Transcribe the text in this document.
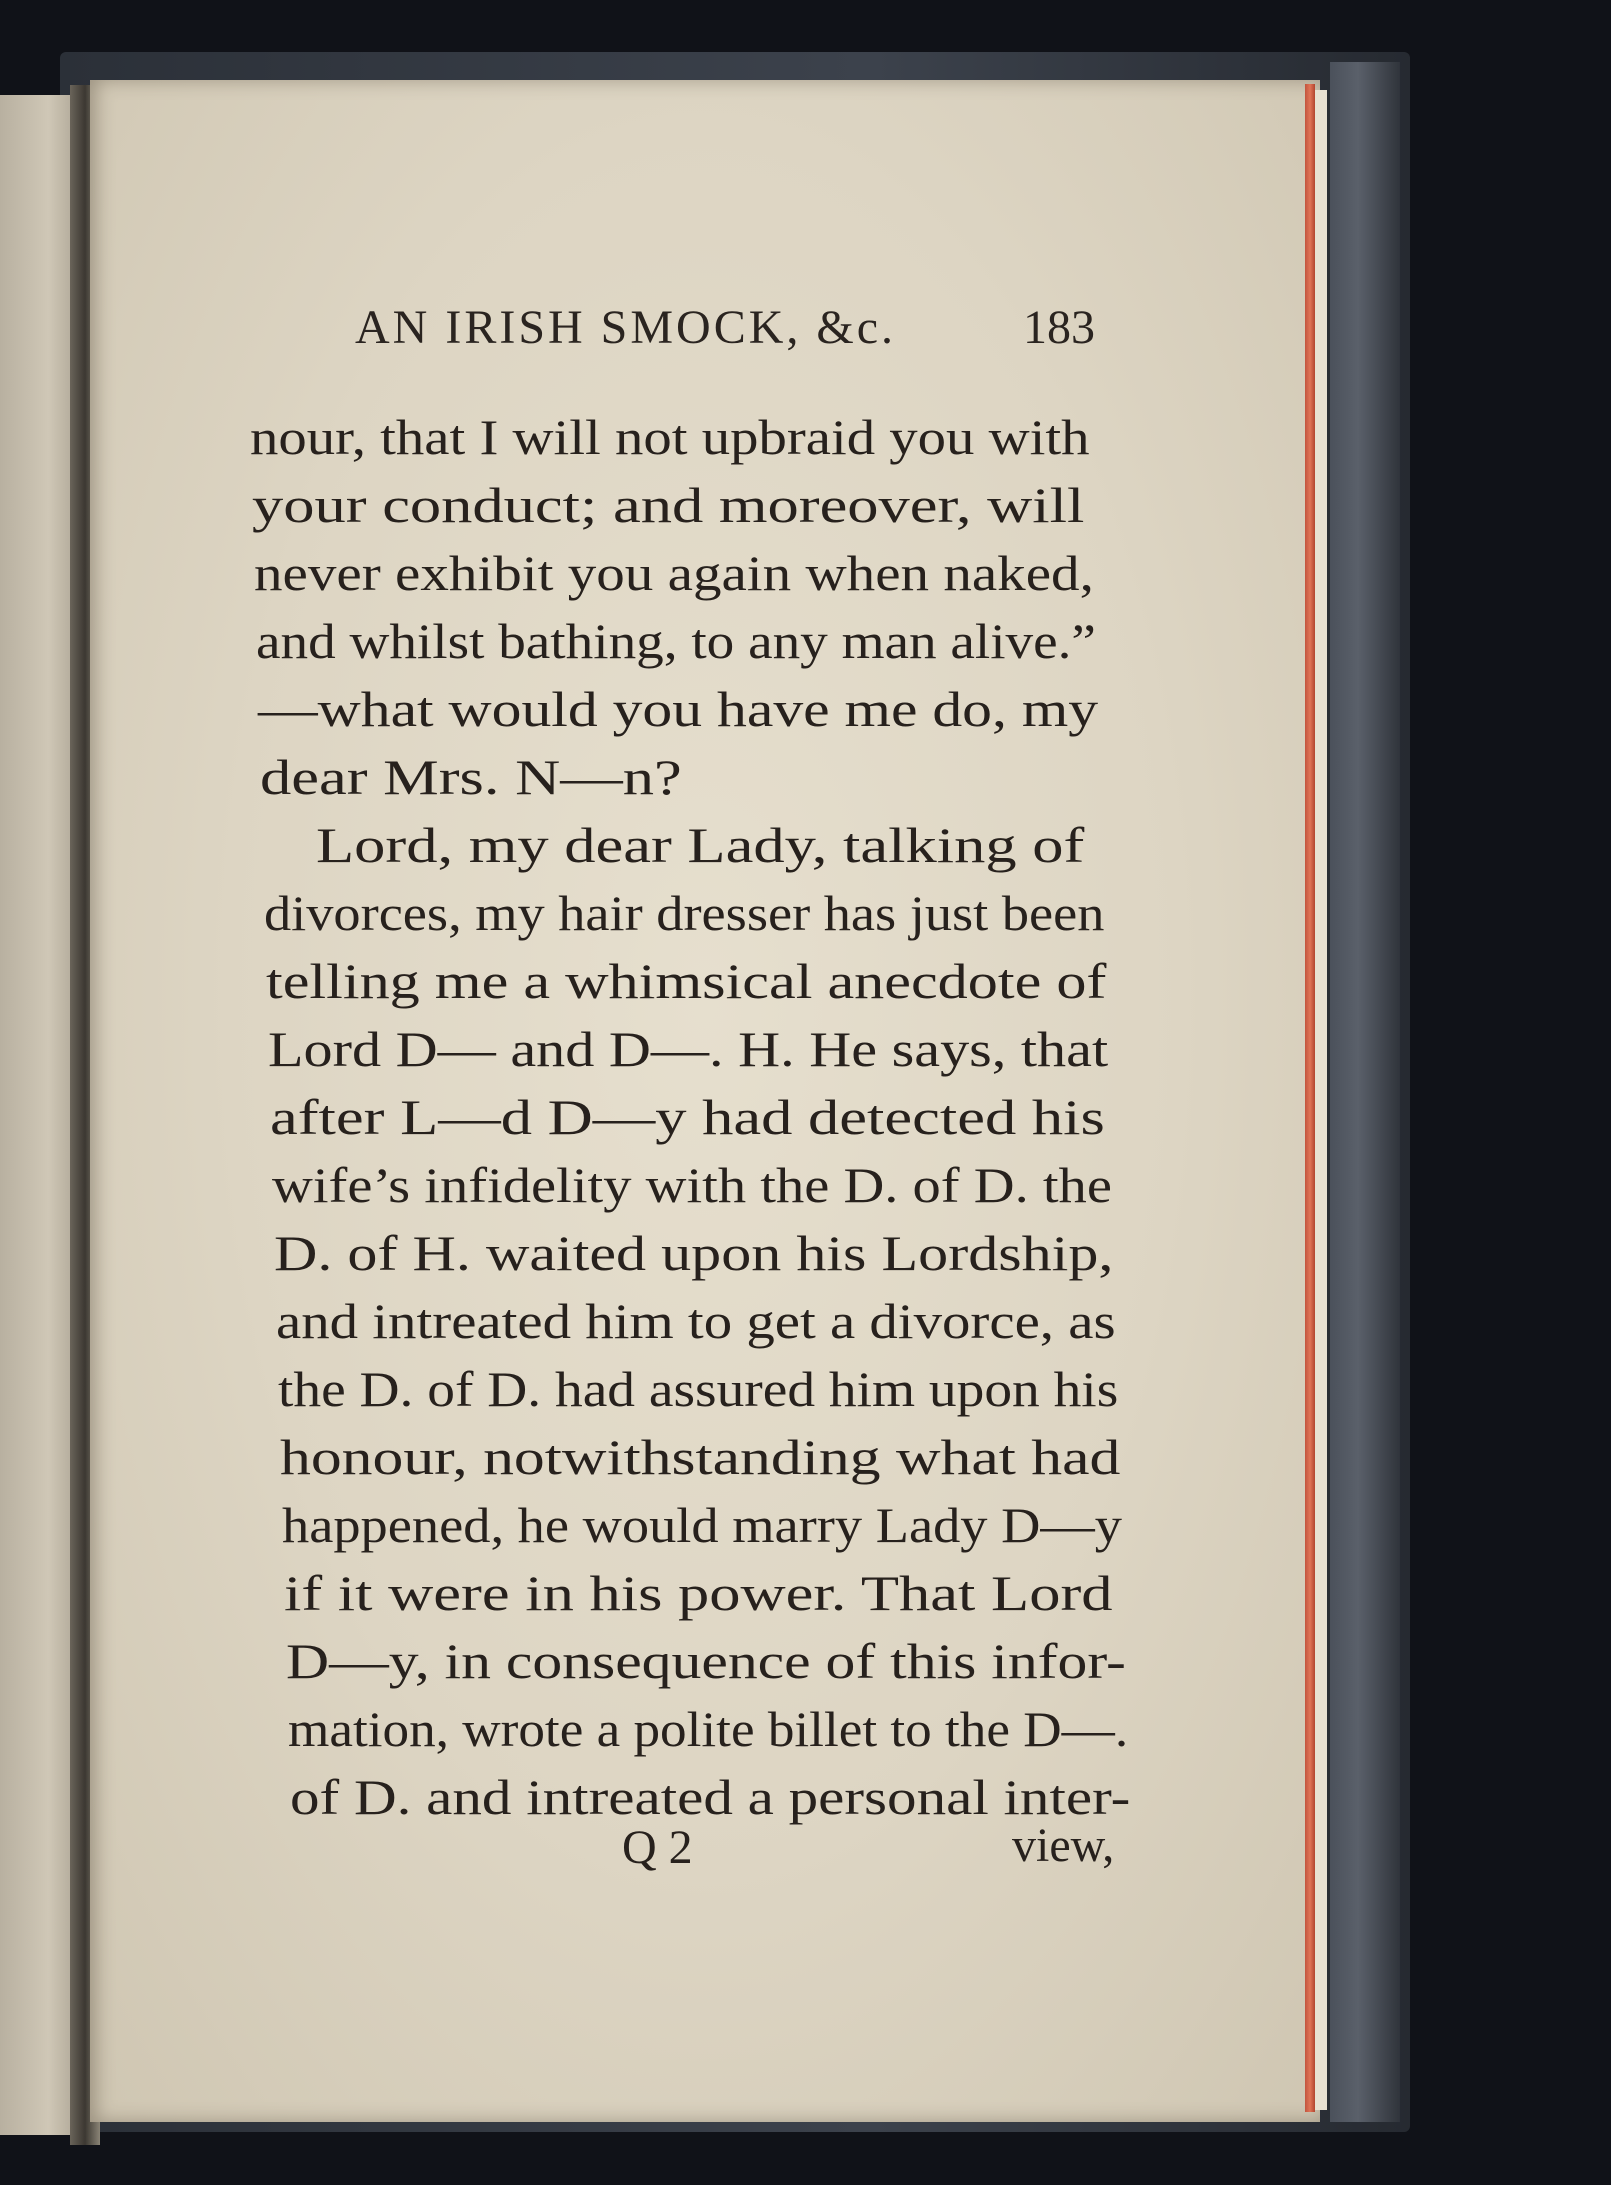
AN IRISH SMOCK, &c.	183
nour, that I will not upbraid you with
your conduct; and moreover, will
never exhibit you again when naked,
and whilst bathing, to any man alive.”
—what would you have me do, my
dear Mrs. N—n?
Lord, my dear Lady, talking of
divorces, my hair dresser has just been
telling me a whimsical anecdote of
Lord D— and D—. H. He says, that
after L—d D—y had detected his
wife’s infidelity with the D. of D. the
D. of H. waited upon his Lordship,
and intreated him to get a divorce, as
the D. of D. had assured him upon his
honour, notwithstanding what had
happened, he would marry Lady D—y
if it were in his power. That Lord
D—y, in consequence of this infor-
mation, wrote a polite billet to the D—.
of D. and intreated a personal inter-
Q 2	view,
